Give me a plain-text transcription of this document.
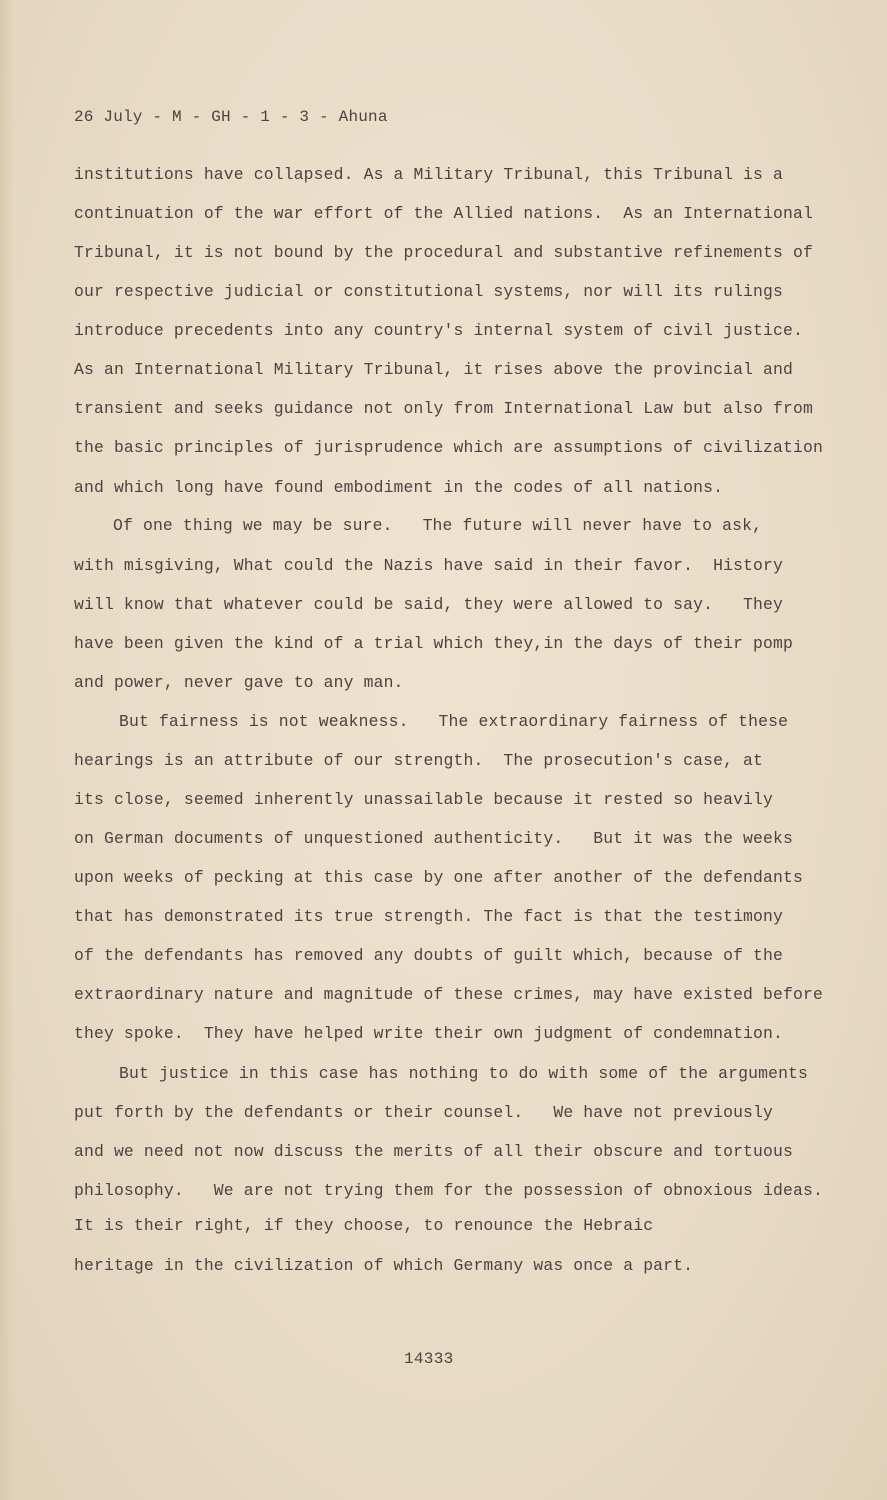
26 July - M - GH - 1 - 3 - Ahuna
institutions have collapsed. As a Military Tribunal, this Tribunal is a
continuation of the war effort of the Allied nations.  As an International
Tribunal, it is not bound by the procedural and substantive refinements of
our respective judicial or constitutional systems, nor will its rulings
introduce precedents into any country's internal system of civil justice.
As an International Military Tribunal, it rises above the provincial and
transient and seeks guidance not only from International Law but also from
the basic principles of jurisprudence which are assumptions of civilization
and which long have found embodiment in the codes of all nations.
Of one thing we may be sure.   The future will never have to ask,
with misgiving, What could the Nazis have said in their favor.  History
will know that whatever could be said, they were allowed to say.   They
have been given the kind of a trial which they,in the days of their pomp
and power, never gave to any man.
But fairness is not weakness.   The extraordinary fairness of these
hearings is an attribute of our strength.  The prosecution's case, at
its close, seemed inherently unassailable because it rested so heavily
on German documents of unquestioned authenticity.   But it was the weeks
upon weeks of pecking at this case by one after another of the defendants
that has demonstrated its true strength. The fact is that the testimony
of the defendants has removed any doubts of guilt which, because of the
extraordinary nature and magnitude of these crimes, may have existed before
they spoke.  They have helped write their own judgment of condemnation.
But justice in this case has nothing to do with some of the arguments
put forth by the defendants or their counsel.   We have not previously
and we need not now discuss the merits of all their obscure and tortuous
philosophy.   We are not trying them for the possession of obnoxious ideas.
It is their right, if they choose, to renounce the Hebraic
heritage in the civilization of which Germany was once a part.
14333
